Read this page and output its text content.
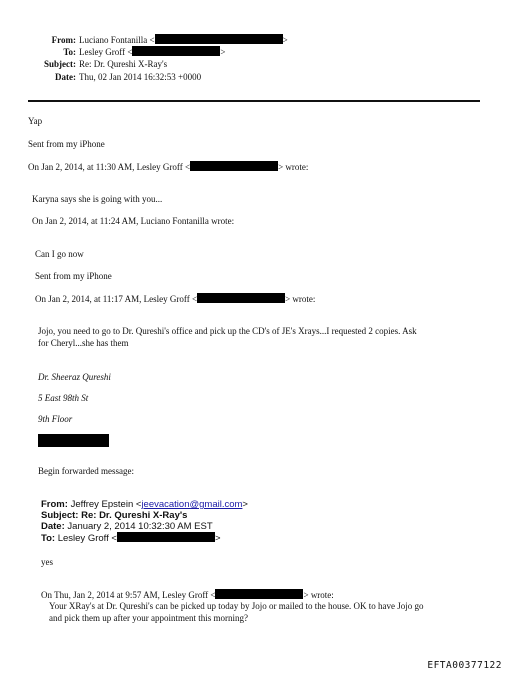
From: Luciano Fontanilla <	>
To: Lesley Groff <	>
Subject: Re: Dr. Qureshi X-Ray's
Date: Thu, 02 Jan 2014 16:32:53 +0000
Yap
Sent from my iPhone
On Jan 2, 2014, at 11:30 AM, Lesley Groff <	> wrote:
Karyna says she is going with you...
On Jan 2, 2014, at 11:24 AM, Luciano Fontanilla wrote:
Can I go now
Sent from my iPhone
On Jan 2, 2014, at 11:17 AM, Lesley Groff <	> wrote:
Jojo, you need to go to Dr. Qureshi's office and pick up the CD's of JE's Xrays...I requested 2 copies. Ask
for Cheryl...she has them
Dr. Sheeraz Qureshi
5 East 98th St
9th Floor
Begin forwarded message:
From: Jeffrey Epstein <jeevacation@gmail.com>
Subject: Re: Dr. Qureshi X-Ray's
Date: January 2, 2014 10:32:30 AM EST
To: Lesley Groff <	>
yes
On Thu, Jan 2, 2014 at 9:57 AM, Lesley Groff <	> wrote:
Your XRay's at Dr. Qureshi's can be picked up today by Jojo or mailed to the house. OK to have Jojo go
and pick them up after your appointment this morning?
EFTA00377122
